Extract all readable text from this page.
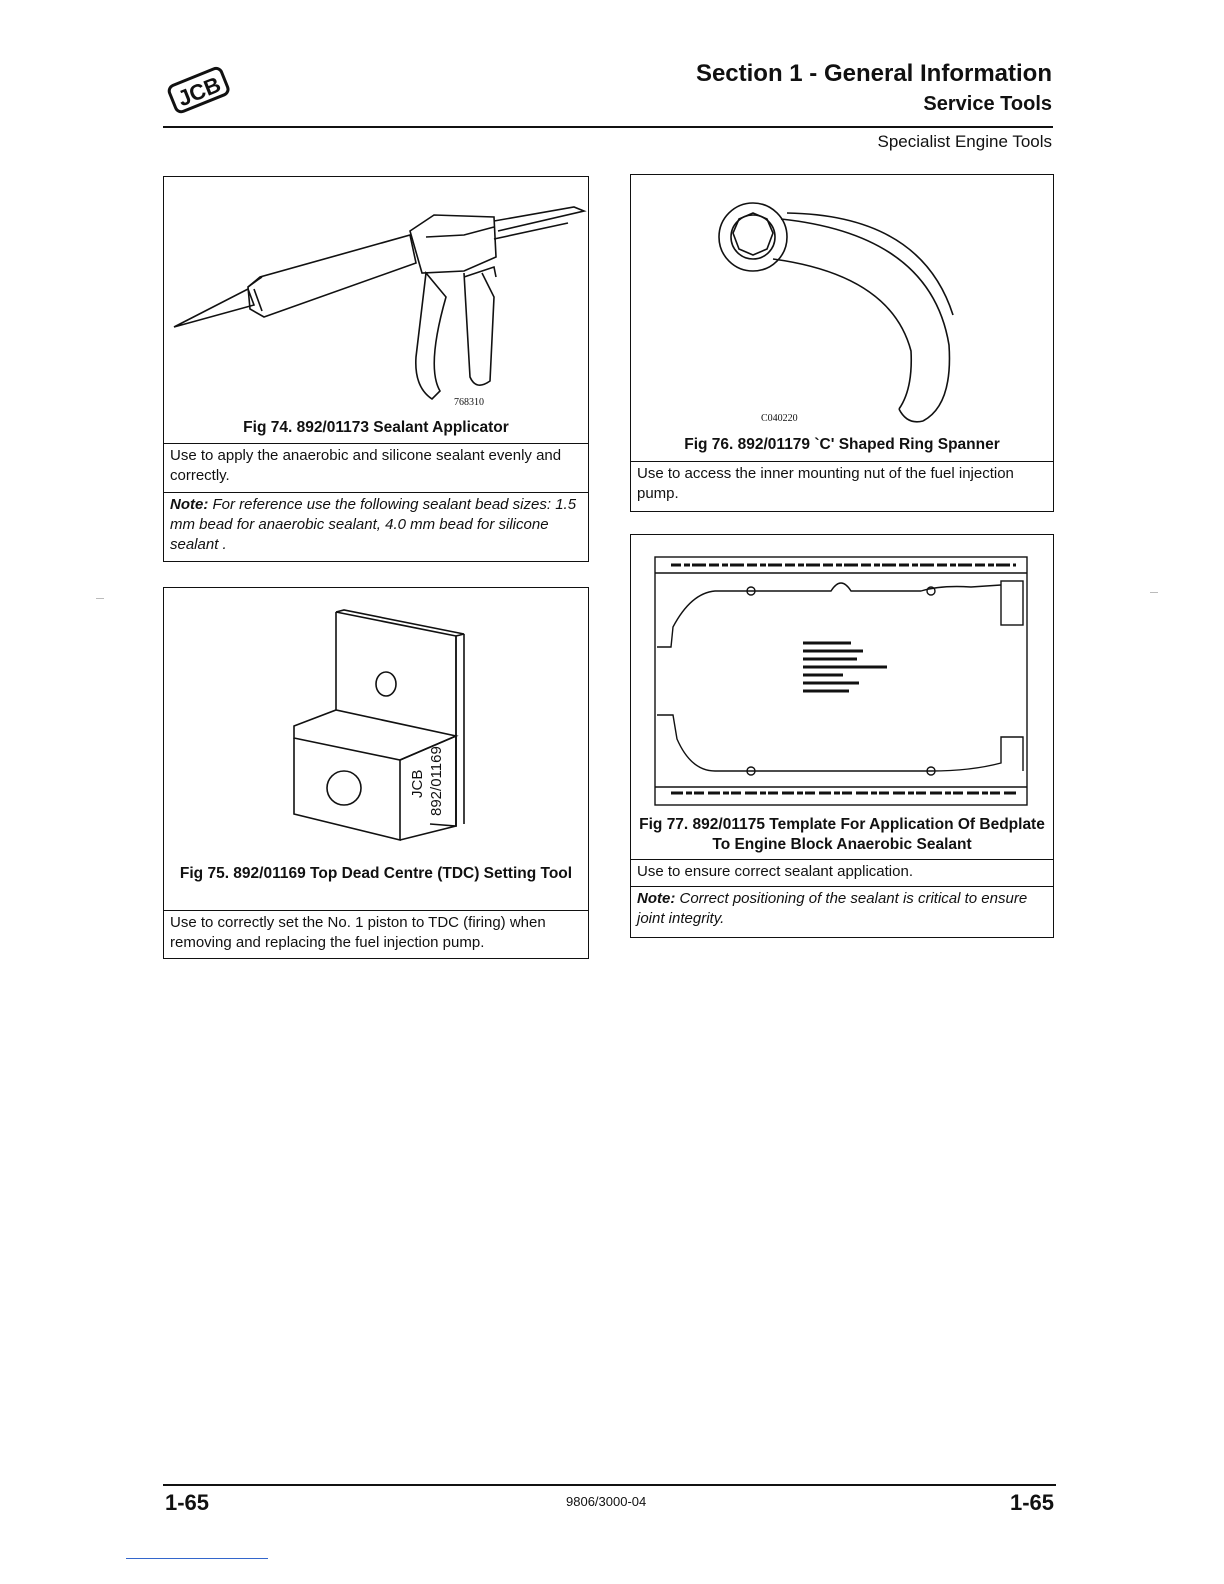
JCB	Section 1 - General Information
Service Tools
Specialist Engine Tools
768310
Fig 74. 892/01173 Sealant Applicator
Use to apply the anaerobic and silicone sealant evenly and correctly.
Note: For reference use the following sealant bead sizes: 1.5 mm bead for anaerobic sealant, 4.0 mm bead for silicone sealant .
JCB 892/01169
Fig 75. 892/01169 Top Dead Centre (TDC) Setting Tool
Use to correctly set the No. 1 piston to TDC (firing) when removing and replacing the fuel injection pump.
C040220
Fig 76. 892/01179 `C' Shaped Ring Spanner
Use to access the inner mounting nut of the fuel injection pump.
Fig 77. 892/01175 Template For Application Of Bedplate To Engine Block Anaerobic Sealant
Use to ensure correct sealant application.
Note: Correct positioning of the sealant is critical to ensure joint integrity.
1-65	9806/3000-04	1-65
